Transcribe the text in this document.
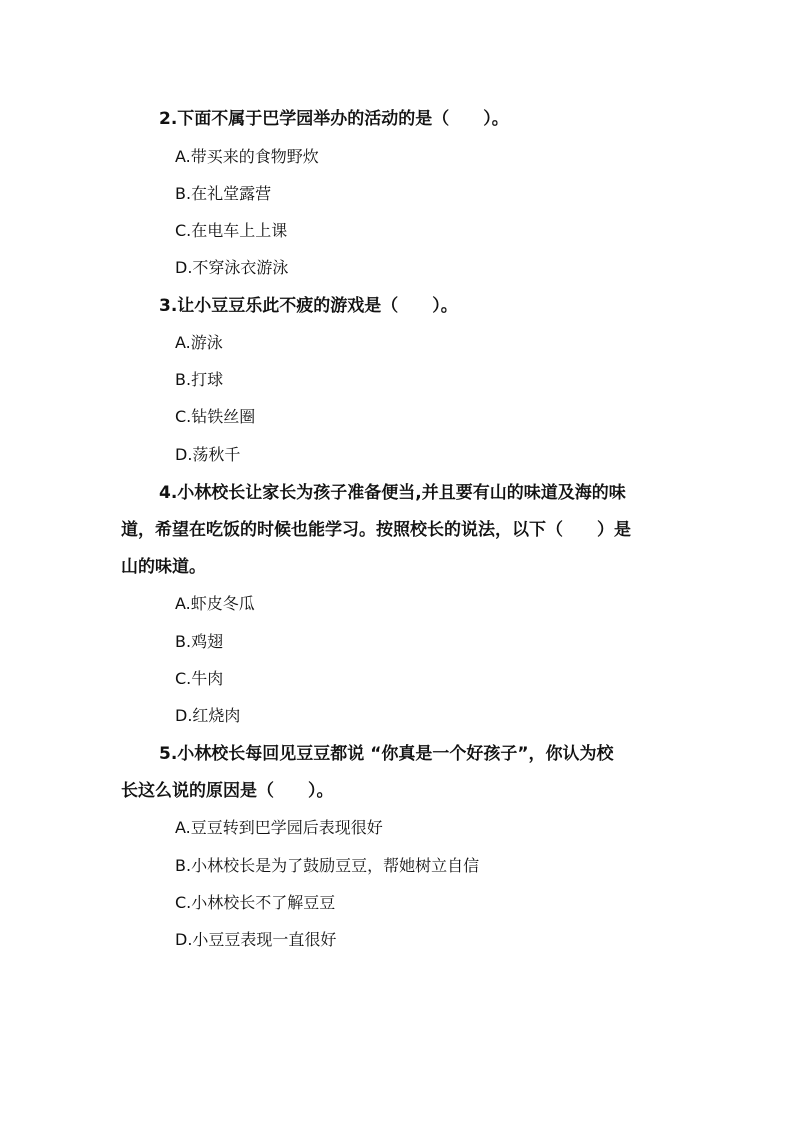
2.下面不属于巴学园举办的活动的是（　　）。
A.带买来的食物野炊
B.在礼堂露营
C.在电车上上课
D.不穿泳衣游泳
3.让小豆豆乐此不疲的游戏是（　　）。
A.游泳
B.打球
C.钻铁丝圈
D.荡秋千
4.小林校长让家长为孩子准备便当,并且要有山的味道及海的味
道，希望在吃饭的时候也能学习。按照校长的说法，以下（　　）是
山的味道。
A.虾皮冬瓜
B.鸡翅
C.牛肉
D.红烧肉
5.小林校长每回见豆豆都说 “你真是一个好孩子”，你认为校
长这么说的原因是（　　）。
A.豆豆转到巴学园后表现很好
B.小林校长是为了鼓励豆豆，帮她树立自信
C.小林校长不了解豆豆
D.小豆豆表现一直很好
